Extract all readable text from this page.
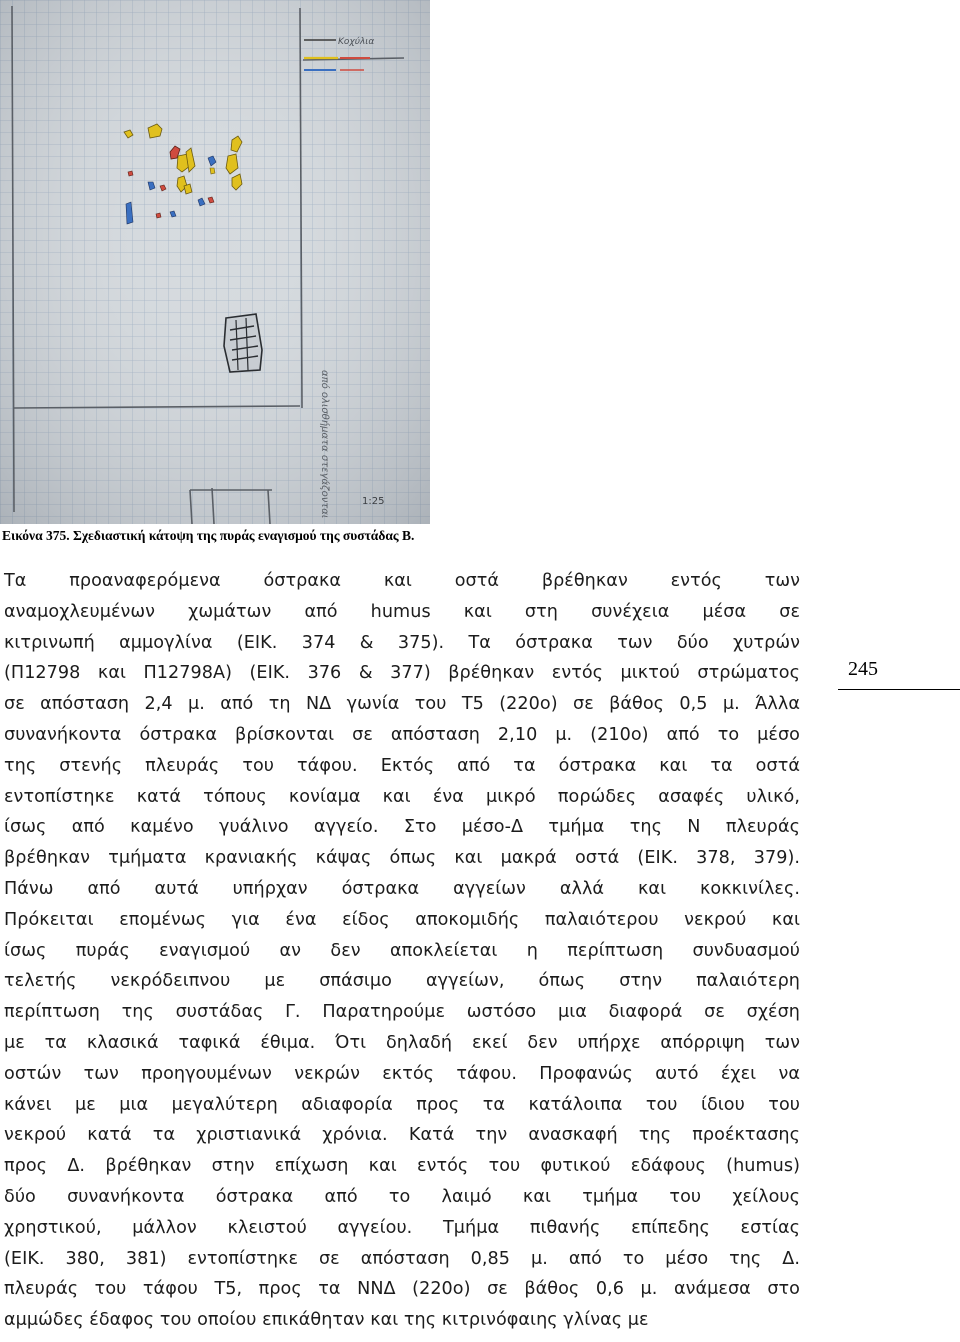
Κοχύλια
από ολισθήματα στεγάζονται	1:25
Εικόνα 375. Σχεδιαστική κάτοψη της πυράς εναγισμού της συστάδας Β.
Τα προαναφερόμενα όστρακα και οστά βρέθηκαν εντός των
αναμοχλευμένων χωμάτων από humus και στη συνέχεια μέσα σε
κιτρινωπή αμμογλίνα (ΕΙΚ. 374 & 375). Τα όστρακα των δύο χυτρών
(Π12798 και Π12798Α) (ΕΙΚ. 376 & 377) βρέθηκαν εντός μικτού στρώματος
σε απόσταση 2,4 μ. από τη ΝΔ γωνία του Τ5 (220ο) σε βάθος 0,5 μ. Άλλα
συνανήκοντα όστρακα βρίσκονται σε απόσταση 2,10 μ. (210ο) από το μέσο
της στενής πλευράς του τάφου. Εκτός από τα όστρακα και τα οστά
εντοπίστηκε κατά τόπους κονίαμα και ένα μικρό πορώδες ασαφές υλικό,
ίσως από καμένο γυάλινο αγγείο. Στο μέσο-Δ τμήμα της Ν πλευράς
βρέθηκαν τμήματα κρανιακής κάψας όπως και μακρά οστά (ΕΙΚ. 378, 379).
Πάνω από αυτά υπήρχαν όστρακα αγγείων αλλά και κοκκινίλες.
Πρόκειται επομένως για ένα είδος αποκομιδής παλαιότερου νεκρού και
ίσως πυράς εναγισμού αν δεν αποκλείεται η περίπτωση συνδυασμού
τελετής νεκρόδειπνου με σπάσιμο αγγείων, όπως στην παλαιότερη
περίπτωση της συστάδας Γ. Παρατηρούμε ωστόσο μια διαφορά σε σχέση
με τα κλασικά ταφικά έθιμα. Ότι δηλαδή εκεί δεν υπήρχε απόρριψη των
οστών των προηγουμένων νεκρών εκτός τάφου. Προφανώς αυτό έχει να
κάνει με μια μεγαλύτερη αδιαφορία προς τα κατάλοιπα του ίδιου του
νεκρού κατά τα χριστιανικά χρόνια. Κατά την ανασκαφή της προέκτασης
προς Δ. βρέθηκαν στην επίχωση και εντός του φυτικού εδάφους (humus)
δύο συνανήκοντα όστρακα από το λαιμό και τμήμα του χείλους
χρηστικού, μάλλον κλειστού αγγείου. Τμήμα πιθανής επίπεδης εστίας
(ΕΙΚ. 380, 381) εντοπίστηκε σε απόσταση 0,85 μ. από το μέσο της Δ.
πλευράς του τάφου Τ5, προς τα ΝΝΔ (220ο) σε βάθος 0,6 μ. ανάμεσα στο
αμμώδες έδαφος του οποίου επικάθηταν και της κιτρινόφαιης γλίνας με
245
